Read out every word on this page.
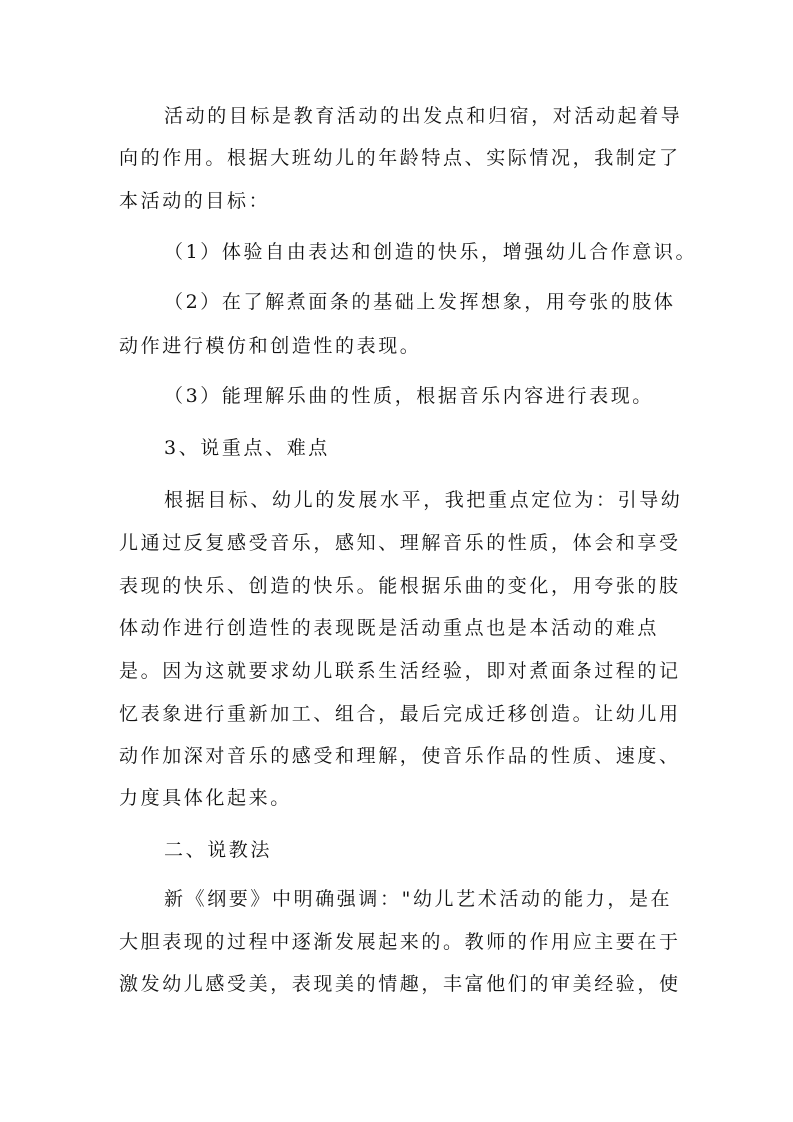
活动的目标是教育活动的出发点和归宿，对活动起着导
向的作用。根据大班幼儿的年龄特点、实际情况，我制定了
本活动的目标：
（1）体验自由表达和创造的快乐，增强幼儿合作意识。
（2）在了解煮面条的基础上发挥想象，用夸张的肢体
动作进行模仿和创造性的表现。
（3）能理解乐曲的性质，根据音乐内容进行表现。
3、说重点、难点
根据目标、幼儿的发展水平，我把重点定位为：引导幼
儿通过反复感受音乐，感知、理解音乐的性质，体会和享受
表现的快乐、创造的快乐。能根据乐曲的变化，用夸张的肢
体动作进行创造性的表现既是活动重点也是本活动的难点
是。因为这就要求幼儿联系生活经验，即对煮面条过程的记
忆表象进行重新加工、组合，最后完成迁移创造。让幼儿用
动作加深对音乐的感受和理解，使音乐作品的性质、速度、
力度具体化起来。
二、说教法
新《纲要》中明确强调："幼儿艺术活动的能力，是在
大胆表现的过程中逐渐发展起来的。教师的作用应主要在于
激发幼儿感受美，表现美的情趣，丰富他们的审美经验，使
